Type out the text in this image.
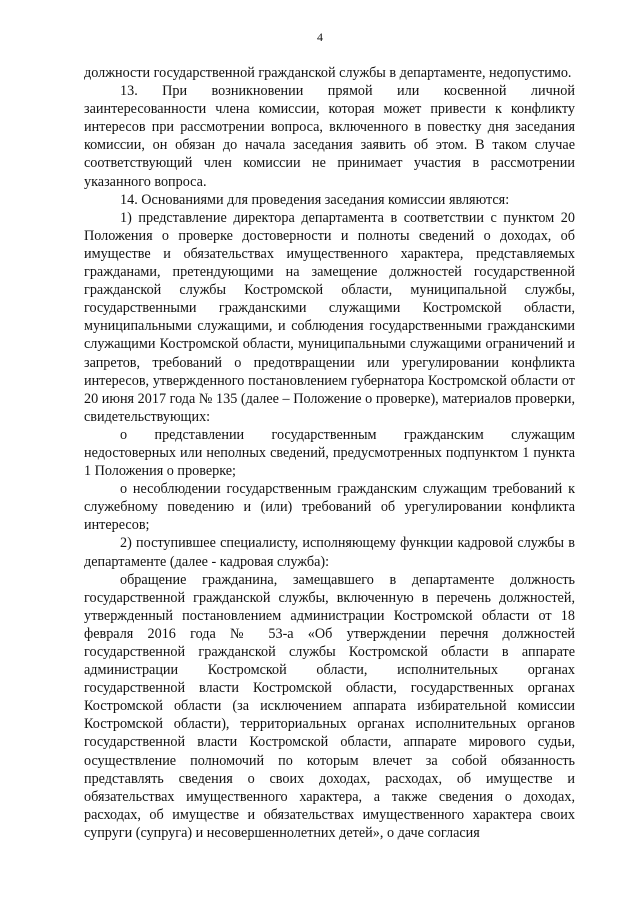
4

должности государственной гражданской службы в департаменте, недопустимо.

13. При возникновении прямой или косвенной личной заинтересованности члена комиссии, которая может привести к конфликту интересов при рассмотрении вопроса, включенного в повестку дня заседания комиссии, он обязан до начала заседания заявить об этом. В таком случае соответствующий член комиссии не принимает участия в рассмотрении указанного вопроса.

14. Основаниями для проведения заседания комиссии являются:

1) представление директора департамента в соответствии с пунктом 20 Положения о проверке достоверности и полноты сведений о доходах, об имуществе и обязательствах имущественного характера, представляемых гражданами, претендующими на замещение должностей государственной гражданской службы Костромской области, муниципальной службы, государственными гражданскими служащими Костромской области, муниципальными служащими, и соблюдения государственными гражданскими служащими Костромской области, муниципальными служащими ограничений и запретов, требований о предотвращении или урегулировании конфликта интересов, утвержденного постановлением губернатора Костромской области от 20 июня 2017 года № 135 (далее – Положение о проверке), материалов проверки, свидетельствующих:

о представлении государственным гражданским служащим недостоверных или неполных сведений, предусмотренных подпунктом 1 пункта 1 Положения о проверке;

о несоблюдении государственным гражданским служащим требований к служебному поведению и (или) требований об урегулировании конфликта интересов;

2) поступившее специалисту, исполняющему функции кадровой службы в департаменте (далее - кадровая служба):

обращение гражданина, замещавшего в департаменте должность государственной гражданской службы, включенную в перечень должностей, утвержденный постановлением администрации Костромской области от 18 февраля 2016 года № 53-а «Об утверждении перечня должностей государственной гражданской службы Костромской области в аппарате администрации Костромской области, исполнительных органах государственной власти Костромской области, государственных органах Костромской области (за исключением аппарата избирательной комиссии Костромской области), территориальных органах исполнительных органов государственной власти Костромской области, аппарате мирового судьи, осуществление полномочий по которым влечет за собой обязанность представлять сведения о своих доходах, расходах, об имуществе и обязательствах имущественного характера, а также сведения о доходах, расходах, об имуществе и обязательствах имущественного характера своих супруги (супруга) и несовершеннолетних детей», о даче согласия
